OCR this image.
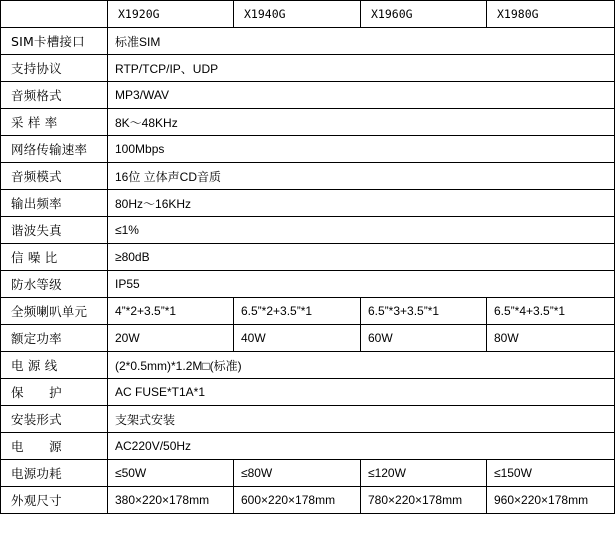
	X1920G	X1940G	X1960G	X1980G
SIM卡槽接口	标准SIM			
支持协议	RTP/TCP/IP、UDP			
音频格式	MP3/WAV			
采 样 率	8K～48KHz			
网络传输速率	100Mbps			
音频模式	16位 立体声CD音质			
输出频率	80Hz～16KHz			
谐波失真	≤1%			
信 噪 比	≥80dB			
防水等级	IP55			
全频喇叭单元	4”*2+3.5”*1	6.5”*2+3.5”*1	6.5”*3+3.5”*1	6.5”*4+3.5”*1
额定功率	20W	40W	60W	80W
电 源 线	(2*0.5mm)*1.2M□(标准)			
保　　护	AC FUSE*T1A*1			
安装形式	支架式安装			
电　　源	AC220V/50Hz			
电源功耗	≤50W	≤80W	≤120W	≤150W
外观尺寸	380×220×178mm	600×220×178mm	780×220×178mm	960×220×178mm
